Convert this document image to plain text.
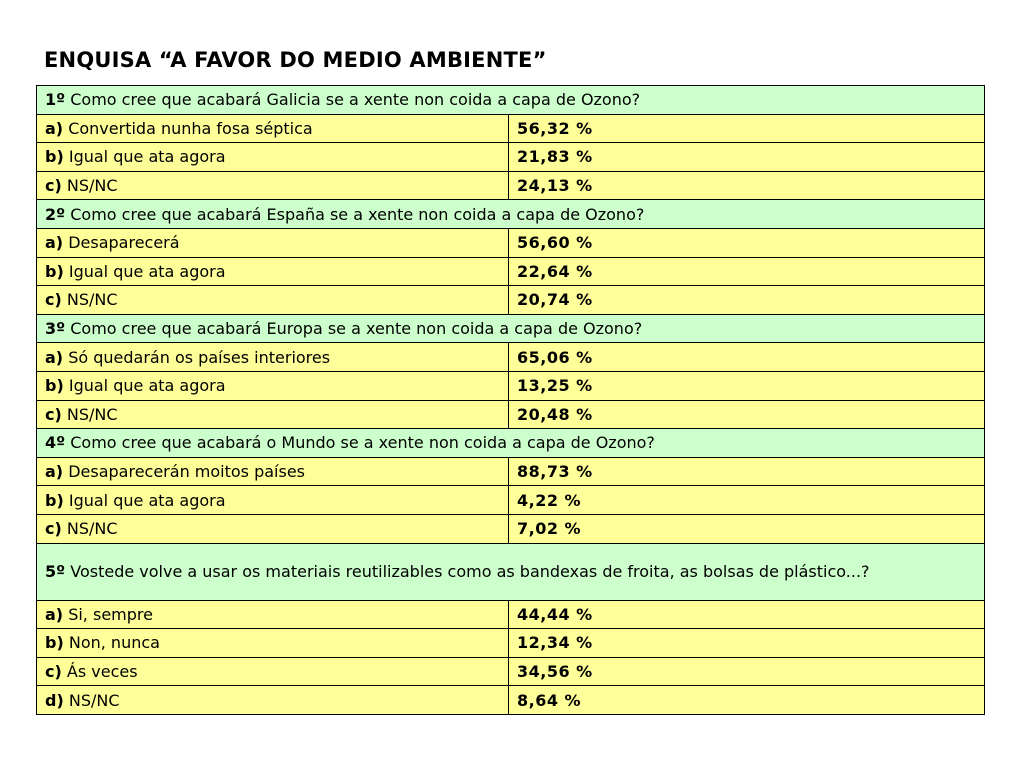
ENQUISA “A FAVOR DO MEDIO AMBIENTE”
1º Como cree que acabará Galicia se a xente non coida a capa de Ozono?	
a) Convertida nunha fosa séptica	56,32 %
b) Igual que ata agora	21,83 %
c) NS/NC	24,13 %
2º Como cree que acabará España se a xente non coida a capa de Ozono?	
a) Desaparecerá	56,60 %
b) Igual que ata agora	22,64 %
c) NS/NC	20,74 %
3º Como cree que acabará Europa se a xente non coida a capa de Ozono?	
a) Só quedarán os países interiores	65,06 %
b) Igual que ata agora	13,25 %
c) NS/NC	20,48 %
4º Como cree que acabará o Mundo se a xente non coida a capa de Ozono?	
a) Desaparecerán moitos países	88,73 %
b) Igual que ata agora	4,22 %
c) NS/NC	7,02 %
5º Vostede volve a usar os materiais reutilizables como as bandexas de froita, as bolsas de plástico...?	
a) Si, sempre	44,44 %
b) Non, nunca	12,34 %
c) Ás veces	34,56 %
d) NS/NC	8,64 %
